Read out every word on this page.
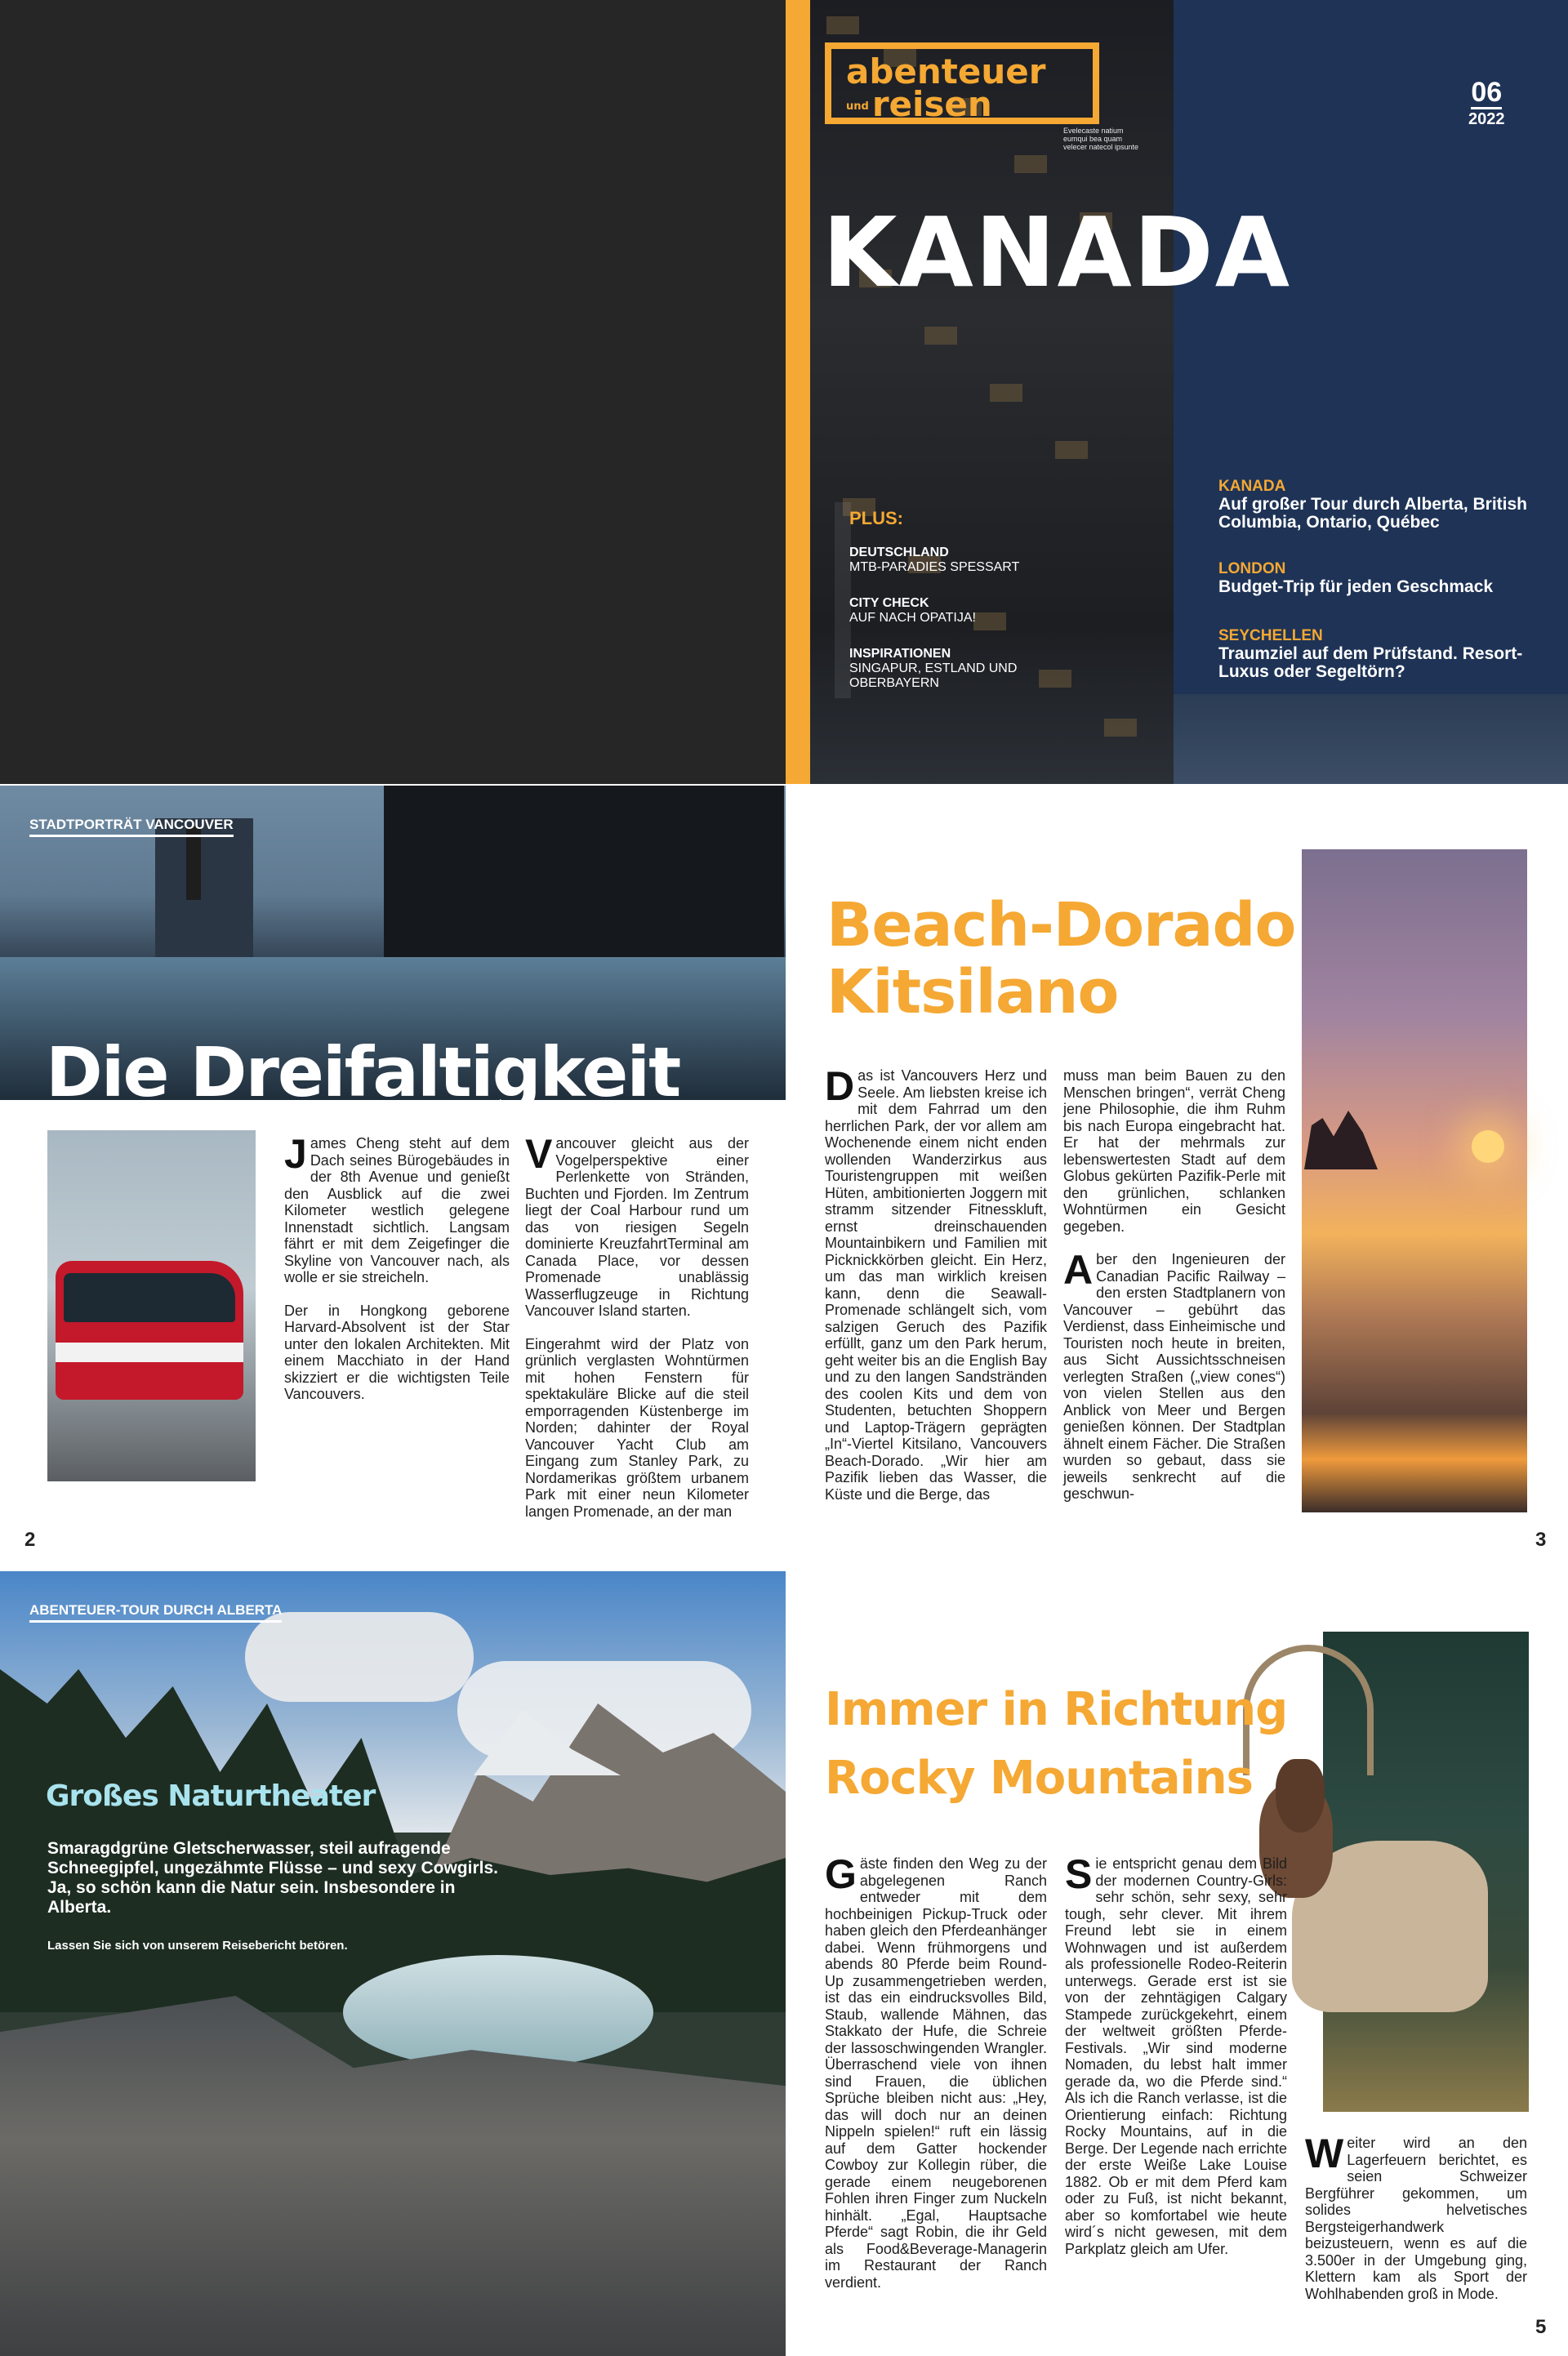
abenteuer
undreisen
Evelecaste natium eumqui bea quam velecer natecol ipsunte
06
2022
KANADA
PLUS:
DEUTSCHLAND
MTB-PARADIES SPESSART
CITY CHECK
AUF NACH OPATIJA!
INSPIRATIONEN
SINGAPUR, ESTLAND UND OBERBAYERN
KANADA
Auf großer Tour durch Alberta, British Columbia, Ontario, Québec
LONDON
Budget-Trip für jeden Geschmack
SEYCHELLEN
Traumziel auf dem Prüfstand. Resort-Luxus oder Segeltörn?
STADTPORTRÄT VANCOUVER
Die Dreifaltigkeit

James Cheng steht auf dem Dach seines Bürogebäudes in der 8th Avenue und genießt den Ausblick auf die zwei Kilometer westlich gelegene Innenstadt sichtlich. Langsam fährt er mit dem Zeigefinger die Skyline von Vancouver nach, als wolle er sie streicheln.

Der in Hongkong geborene Harvard-Absolvent ist der Star unter den lokalen Architekten. Mit einem Macchiato in der Hand skizziert er die wichtigsten Teile Vancouvers.

Vancouver gleicht aus der Vogelperspektive einer Perlenkette von Stränden, Buchten und Fjorden. Im Zentrum liegt der Coal Harbour rund um das von riesigen Segeln dominierte KreuzfahrtTerminal am Canada Place, vor dessen Promenade unablässig Wasserflugzeuge in Richtung Vancouver Island starten.

Eingerahmt wird der Platz von grünlich verglasten Wohntürmen mit hohen Fenstern für spektakuläre Blicke auf die steil emporragenden Küstenberge im Norden; dahinter der Royal Vancouver Yacht Club am Eingang zum Stanley Park, zu Nordamerikas größtem urbanem Park mit einer neun Kilometer langen Promenade, an der man

2
Beach-Dorado
Kitsilano

Das ist Vancouvers Herz und Seele. Am liebsten kreise ich mit dem Fahrrad um den herrlichen Park, der vor allem am Wochenende einem nicht enden wollenden Wanderzirkus aus Touristengruppen mit weißen Hüten, ambitionierten Joggern mit stramm sitzender Fitnesskluft, ernst dreinschauenden Mountainbikern und Familien mit Picknickkörben gleicht. Ein Herz, um das man wirklich kreisen kann, denn die Seawall-Promenade schlängelt sich, vom salzigen Geruch des Pazifik erfüllt, ganz um den Park herum, geht weiter bis an die English Bay und zu den langen Sandstränden des coolen Kits und dem von Studenten, betuchten Shoppern und Laptop-Trägern geprägten „In“-Viertel Kitsilano, Vancouvers Beach-Dorado. „Wir hier am Pazifik lieben das Wasser, die Küste und die Berge, das

muss man beim Bauen zu den Menschen bringen“, verrät Cheng jene Philosophie, die ihm Ruhm bis nach Europa eingebracht hat. Er hat der mehrmals zur lebenswertesten Stadt auf dem Globus gekürten Pazifik-Perle mit den grünlichen, schlanken Wohntürmen ein Gesicht gegeben.

Aber den Ingenieuren der Canadian Pacific Railway – den ersten Stadtplanern von Vancouver – gebührt das Verdienst, dass Einheimische und Touristen noch heute in breiten, aus Sicht Aussichtsschneisen verlegten Straßen („view cones“) von vielen Stellen aus den Anblick von Meer und Bergen genießen können. Der Stadtplan ähnelt einem Fächer. Die Straßen wurden so gebaut, dass sie jeweils senkrecht auf die geschwun-

3
ABENTEUER-TOUR DURCH ALBERTA
Großes Naturtheater
Smaragdgrüne Gletscherwasser, steil aufragende Schneegipfel, ungezähmte Flüsse – und sexy Cowgirls. Ja, so schön kann die Natur sein. Insbesondere in Alberta.
Lassen Sie sich von unserem Reisebericht betören.
Immer in Richtung
Rocky Mountains

Gäste finden den Weg zu der abgelegenen Ranch entweder mit dem hochbeinigen Pickup-Truck oder haben gleich den Pferdeanhänger dabei. Wenn frühmorgens und abends 80 Pferde beim Round-Up zusammengetrieben werden, ist das ein eindrucksvolles Bild, Staub, wallende Mähnen, das Stakkato der Hufe, die Schreie der lassoschwingenden Wrangler. Überraschend viele von ihnen sind Frauen, die üblichen Sprüche bleiben nicht aus: „Hey, das will doch nur an deinen Nippeln spielen!“ ruft ein lässig auf dem Gatter hockender Cowboy zur Kollegin rüber, die gerade einem neugeborenen Fohlen ihren Finger zum Nuckeln hinhält. „Egal, Hauptsache Pferde“ sagt Robin, die ihr Geld als Food&Beverage-Managerin im Restaurant der Ranch verdient.

Sie entspricht genau dem Bild der modernen Country-Girls: sehr schön, sehr sexy, sehr tough, sehr clever. Mit ihrem Freund lebt sie in einem Wohnwagen und ist außerdem als professionelle Rodeo-Reiterin unterwegs. Gerade erst ist sie von der zehntägigen Calgary Stampede zurückgekehrt, einem der weltweit größten Pferde-Festivals. „Wir sind moderne Nomaden, du lebst halt immer gerade da, wo die Pferde sind.“ Als ich die Ranch verlasse, ist die Orientierung einfach: Richtung Rocky Mountains, auf in die Berge. Der Legende nach errichte der erste Weiße Lake Louise 1882. Ob er mit dem Pferd kam oder zu Fuß, ist nicht bekannt, aber so komfortabel wie heute wird´s nicht gewesen, mit dem Parkplatz gleich am Ufer.

Weiter wird an den Lagerfeuern berichtet, es seien Schweizer Bergführer gekommen, um solides helvetisches Bergsteigerhandwerk beizusteuern, wenn es auf die 3.500er in der Umgebung ging, Klettern kam als Sport der Wohlhabenden groß in Mode.

5
